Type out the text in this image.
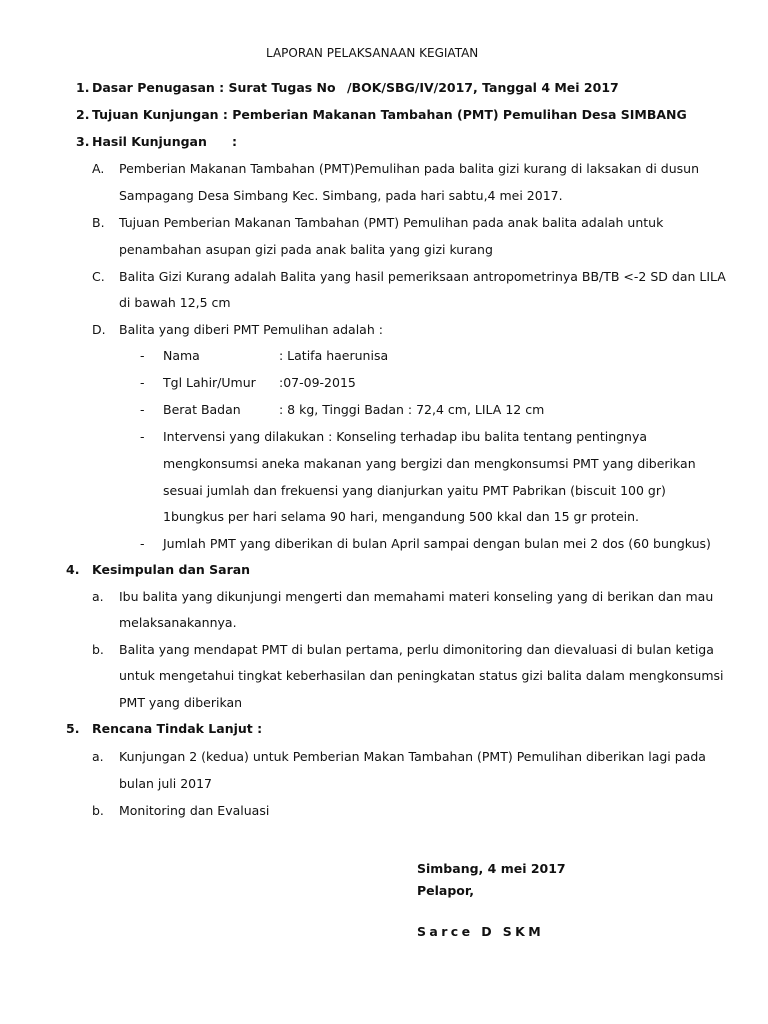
LAPORAN PELAKSANAAN KEGIATAN
1. Dasar Penugasan : Surat Tugas No /BOK/SBG/IV/2017, Tanggal 4 Mei 2017
2. Tujuan Kunjungan : Pemberian Makanan Tambahan (PMT) Pemulihan Desa SIMBANG
3. Hasil Kunjungan :
A. Pemberian Makanan Tambahan (PMT)Pemulihan pada balita gizi kurang di laksakan di dusun
Sampagang Desa Simbang Kec. Simbang, pada hari sabtu,4 mei 2017.
B. Tujuan Pemberian Makanan Tambahan (PMT) Pemulihan pada anak balita adalah untuk
penambahan asupan gizi pada anak balita yang gizi kurang
C. Balita Gizi Kurang adalah Balita yang hasil pemeriksaan antropometrinya BB/TB <-2 SD dan LILA
di bawah 12,5 cm
D. Balita yang diberi PMT Pemulihan adalah :
- Nama	: Latifa haerunisa
- Tgl Lahir/Umur :07-09-2015
- Berat Badan	: 8 kg, Tinggi Badan : 72,4 cm, LILA 12 cm
- Intervensi yang dilakukan : Konseling terhadap ibu balita tentang pentingnya
mengkonsumsi aneka makanan yang bergizi dan mengkonsumsi PMT yang diberikan
sesuai jumlah dan frekuensi yang dianjurkan yaitu PMT Pabrikan (biscuit 100 gr)
1bungkus per hari selama 90 hari, mengandung 500 kkal dan 15 gr protein.
- Jumlah PMT yang diberikan di bulan April sampai dengan bulan mei 2 dos (60 bungkus)
4. Kesimpulan dan Saran
a. Ibu balita yang dikunjungi mengerti dan memahami materi konseling yang di berikan dan mau
melaksanakannya.
b. Balita yang mendapat PMT di bulan pertama, perlu dimonitoring dan dievaluasi di bulan ketiga
untuk mengetahui tingkat keberhasilan dan peningkatan status gizi balita dalam mengkonsumsi
PMT yang diberikan
5. Rencana Tindak Lanjut :
a. Kunjungan 2 (kedua) untuk Pemberian Makan Tambahan (PMT) Pemulihan diberikan lagi pada
bulan juli 2017
b. Monitoring dan Evaluasi
Simbang, 4 mei 2017
Pelapor,
Sarce D SKM
